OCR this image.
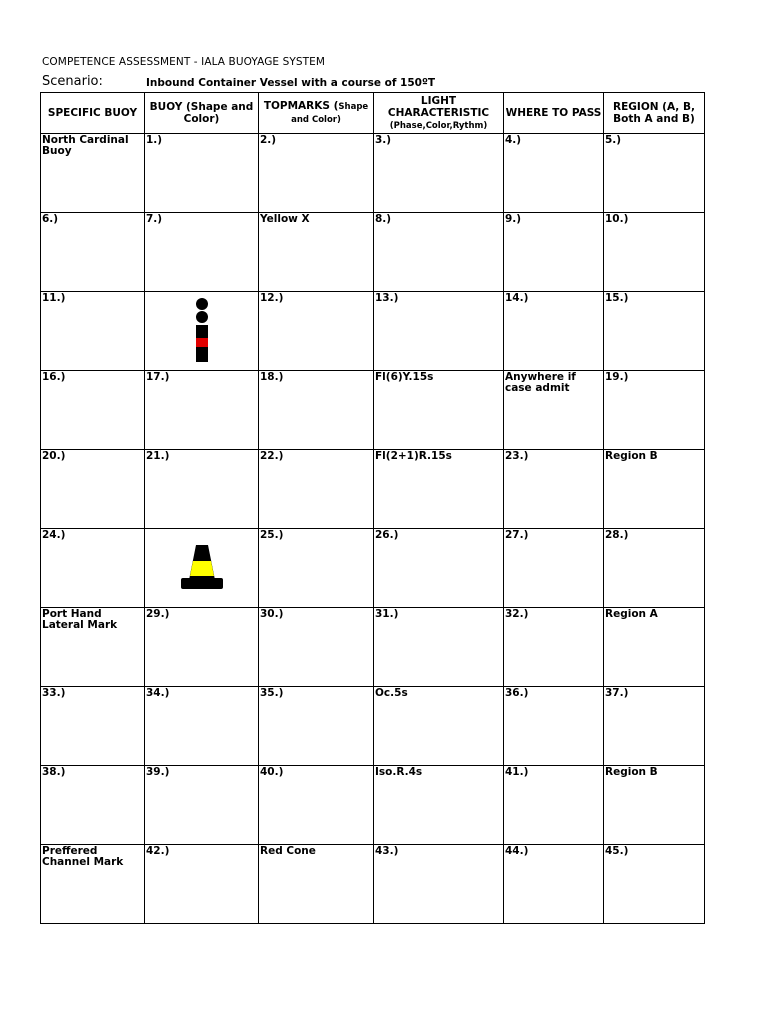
COMPETENCE ASSESSMENT - IALA BUOYAGE SYSTEM
Scenario:	Inbound Container Vessel with a course of 150ºT
SPECIFIC BUOY	BUOY (Shape and Color)	TOPMARKS (Shape and Color)	LIGHT CHARACTERISTIC
(Phase,Color,Rythm)	WHERE TO PASS	REGION (A, B, Both A and B)

North Cardinal Buoy	1.)	2.)	3.)	4.)	5.)

6.)	7.)	Yellow X	8.)	9.)	10.)

11.)		12.)	13.)	14.)	15.)

16.)	17.)	18.)	Fl(6)Y.15s	Anywhere if case admit	19.)

20.)	21.)	22.)	Fl(2+1)R.15s	23.)	Region B

24.)		25.)	26.)	27.)	28.)

Port Hand Lateral Mark	29.)	30.)	31.)	32.)	Region A

33.)	34.)	35.)	Oc.5s	36.)	37.)

38.)	39.)	40.)	Iso.R.4s	41.)	Region B

Preffered Channel Mark	42.)	Red Cone	43.)	44.)	45.)
